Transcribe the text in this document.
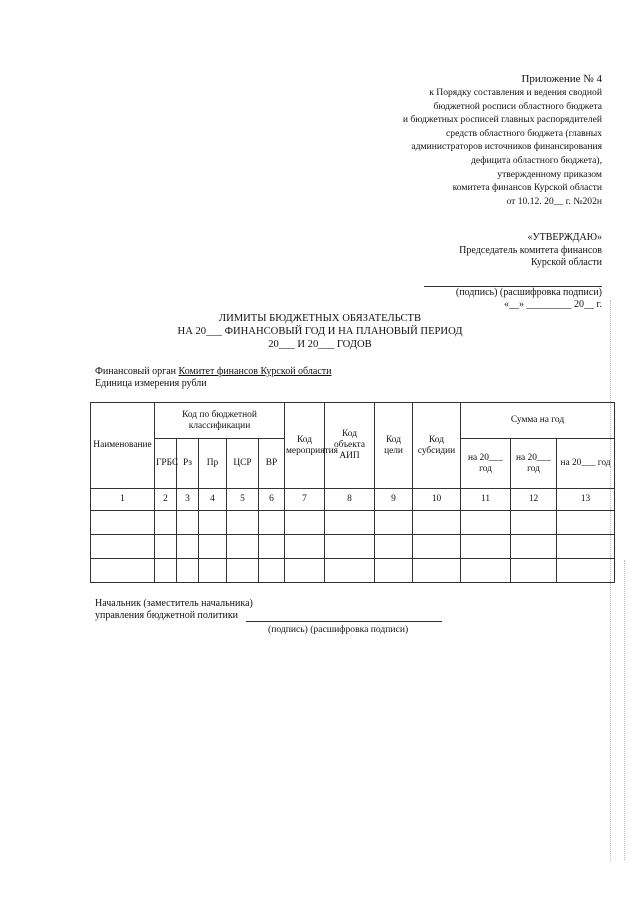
Приложение № 4
к Порядку составления и ведения сводной
бюджетной росписи областного бюджета
и бюджетных росписей главных распорядителей
средств областного бюджета (главных
администраторов источников финансирования
дефицита областного бюджета),
утвержденному приказом
комитета финансов Курской области
от 10.12. 20__ г. №202н
«УТВЕРЖДАЮ»
Председатель комитета финансов
Курской области
(подпись) (расшифровка подписи)
«__» _________ 20__ г.
ЛИМИТЫ БЮДЖЕТНЫХ ОБЯЗАТЕЛЬСТВ
НА 20___ ФИНАНСОВЫЙ ГОД И НА ПЛАНОВЫЙ ПЕРИОД
20___ И 20___ ГОДОВ
Финансовый орган Комитет финансов Курской области
Единица измерения рубли
Наименование	Код по бюджетной классификации					Код мероприятия	Код объекта АИП	Код цели	Код субсидии	Сумма на год		
	ГРБС	Рз	Пр	ЦСР	ВР					на 20___ год	на 20___ год	на 20___ год
1	2	3	4	5	6	7	8	9	10	11	12	13

Начальник (заместитель начальника)
управления бюджетной политики
(подпись) (расшифровка подписи)
